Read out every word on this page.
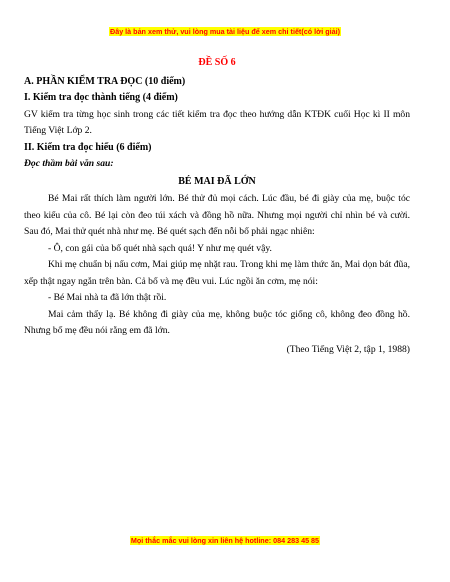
Đây là bản xem thử, vui lòng mua tài liệu để xem chi tiết(có lời giải)

ĐỀ SỐ 6

A. PHẦN KIỂM TRA ĐỌC (10 điểm)

I. Kiểm tra đọc thành tiếng (4 điểm)

GV kiểm tra từng học sinh trong các tiết kiểm tra đọc theo hướng dẫn KTĐK cuối Học kì II môn Tiếng Việt Lớp 2.

II. Kiểm tra đọc hiểu (6 điểm)

Đọc thầm bài văn sau:

BÉ MAI ĐÃ LỚN

Bé Mai rất thích làm người lớn. Bé thử đủ mọi cách. Lúc đầu, bé đi giày của mẹ, buộc tóc theo kiểu của cô. Bé lại còn đeo túi xách và đồng hồ nữa. Nhưng mọi người chỉ nhìn bé và cười. Sau đó, Mai thử quét nhà như mẹ. Bé quét sạch đến nỗi bố phải ngạc nhiên:

- Ô, con gái của bố quét nhà sạch quá! Y như mẹ quét vậy.

Khi mẹ chuẩn bị nấu cơm, Mai giúp mẹ nhặt rau. Trong khi mẹ làm thức ăn, Mai dọn bát đũa, xếp thật ngay ngắn trên bàn. Cả bố và mẹ đều vui. Lúc ngồi ăn cơm, mẹ nói:

- Bé Mai nhà ta đã lớn thật rồi.

Mai cảm thấy lạ. Bé không đi giày của mẹ, không buộc tóc giống cô, không đeo đồng hồ. Nhưng bố mẹ đều nói rằng em đã lớn.

(Theo Tiếng Việt 2, tập 1, 1988)

Mọi thắc mắc vui lòng xin liên hệ hotline: 084 283 45 85
